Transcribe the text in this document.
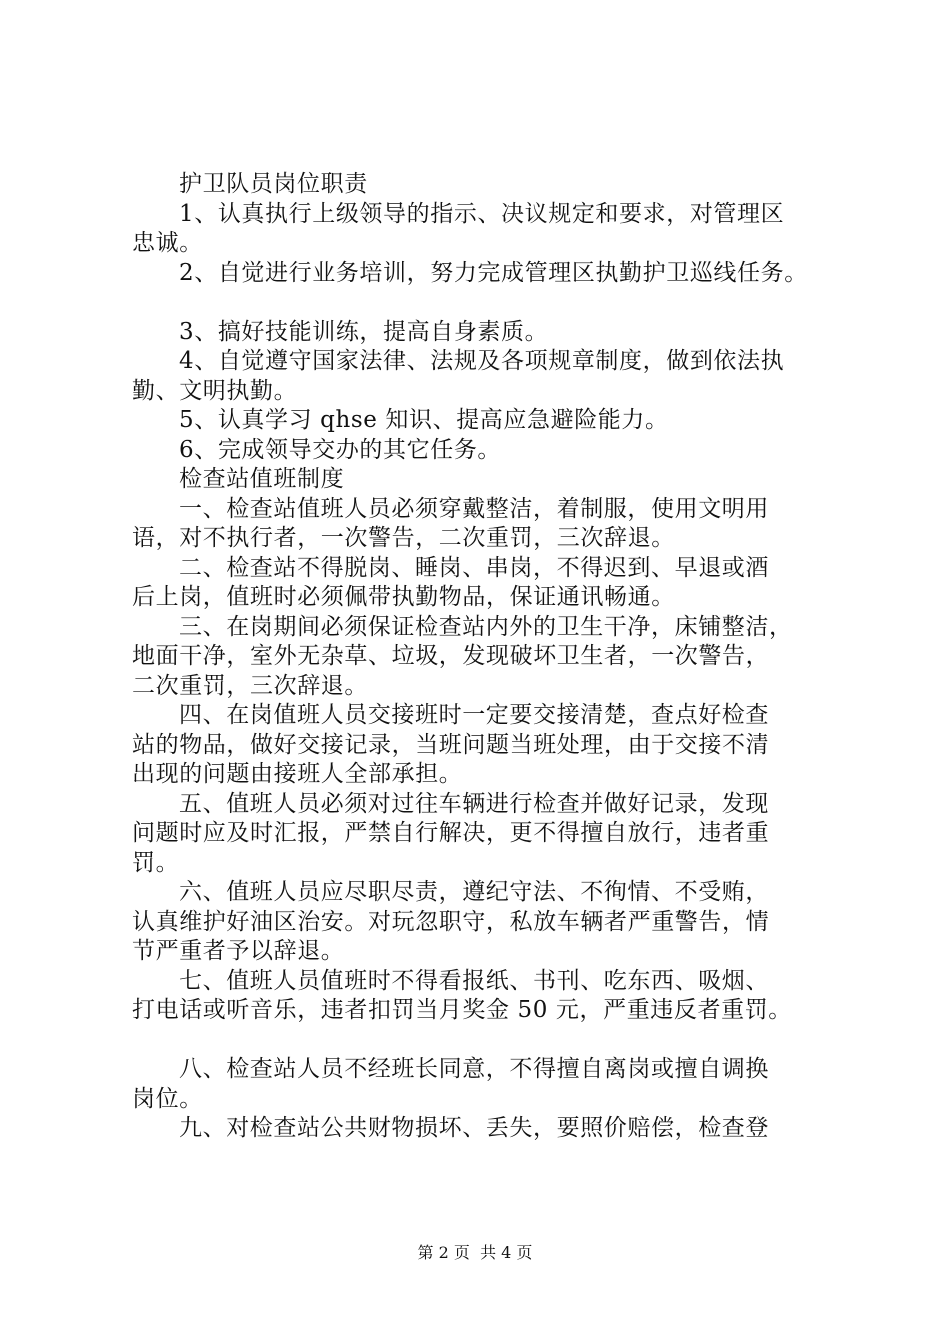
护卫队员岗位职责
1、认真执行上级领导的指示、决议规定和要求，对管理区
忠诚。
2、自觉进行业务培训，努力完成管理区执勤护卫巡线任务。
3、搞好技能训练，提高自身素质。
4、自觉遵守国家法律、法规及各项规章制度，做到依法执
勤、文明执勤。
5、认真学习 qhse 知识、提高应急避险能力。
6、完成领导交办的其它任务。
检查站值班制度
一、检查站值班人员必须穿戴整洁，着制服，使用文明用
语，对不执行者，一次警告，二次重罚，三次辞退。
二、检查站不得脱岗、睡岗、串岗，不得迟到、早退或酒
后上岗，值班时必须佩带执勤物品，保证通讯畅通。
三、在岗期间必须保证检查站内外的卫生干净，床铺整洁，
地面干净，室外无杂草、垃圾，发现破坏卫生者，一次警告，
二次重罚，三次辞退。
四、在岗值班人员交接班时一定要交接清楚，查点好检查
站的物品，做好交接记录，当班问题当班处理，由于交接不清
出现的问题由接班人全部承担。
五、值班人员必须对过往车辆进行检查并做好记录，发现
问题时应及时汇报，严禁自行解决，更不得擅自放行，违者重
罚。
六、值班人员应尽职尽责，遵纪守法、不徇情、不受贿，
认真维护好油区治安。对玩忽职守，私放车辆者严重警告，情
节严重者予以辞退。
七、值班人员值班时不得看报纸、书刊、吃东西、吸烟、
打电话或听音乐，违者扣罚当月奖金 50 元，严重违反者重罚。
八、检查站人员不经班长同意，不得擅自离岗或擅自调换
岗位。
九、对检查站公共财物损坏、丢失，要照价赔偿，检查登
第 2 页  共 4 页
